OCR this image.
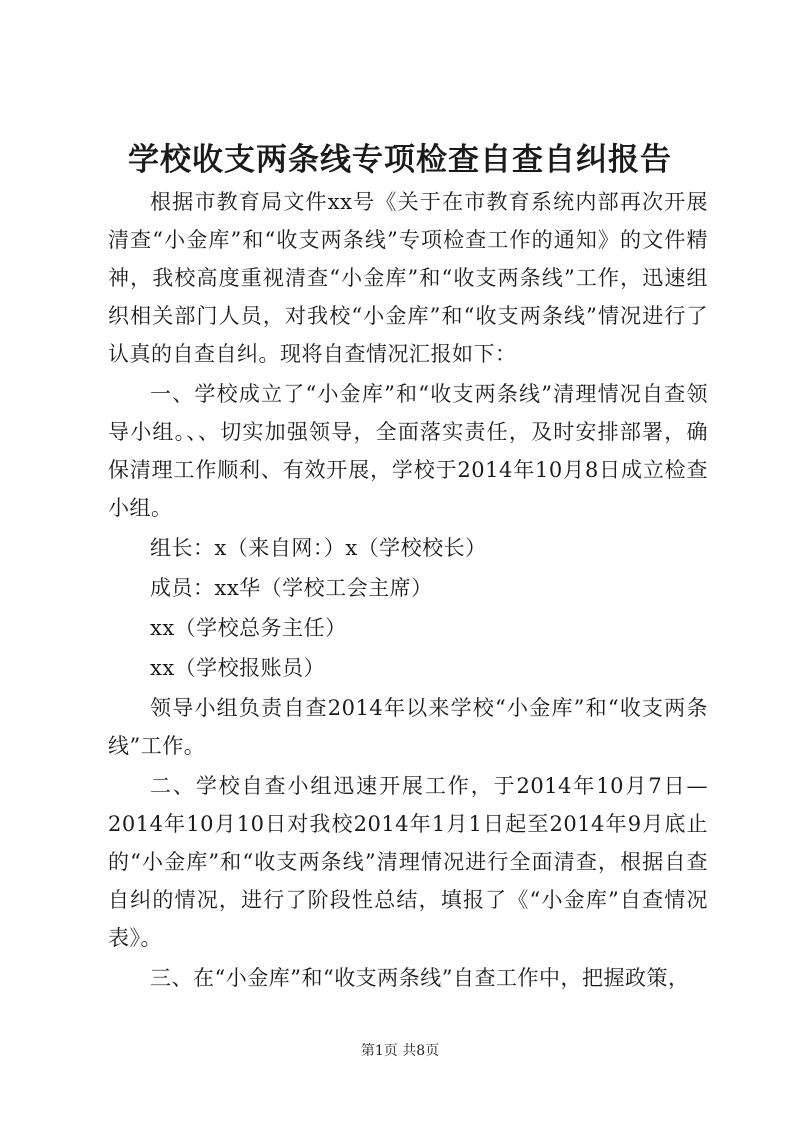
学校收支两条线专项检查自查自纠报告

根据市教育局文件xx号《关于在市教育系统内部再次开展清查“小金库”和“收支两条线”专项检查工作的通知》的文件精神，我校高度重视清查“小金库”和“收支两条线”工作，迅速组织相关部门人员，对我校“小金库”和“收支两条线”情况进行了认真的自查自纠。现将自查情况汇报如下：

一、学校成立了“小金库”和“收支两条线”清理情况自查领导小组。、、切实加强领导，全面落实责任，及时安排部署，确保清理工作顺利、有效开展，学校于2014年10月8日成立检查小组。

组长：x（来自网：）x（学校校长）

成员：xx华（学校工会主席）

xx（学校总务主任）

xx（学校报账员）

领导小组负责自查2014年以来学校“小金库”和“收支两条线”工作。

二、学校自查小组迅速开展工作，于2014年10月7日—2014年10月10日对我校2014年1月1日起至2014年9月底止的“小金库”和“收支两条线”清理情况进行全面清查，根据自查自纠的情况，进行了阶段性总结，填报了《“小金库”自查情况表》。

三、在“小金库”和“收支两条线”自查工作中，把握政策，

第1页 共8页
